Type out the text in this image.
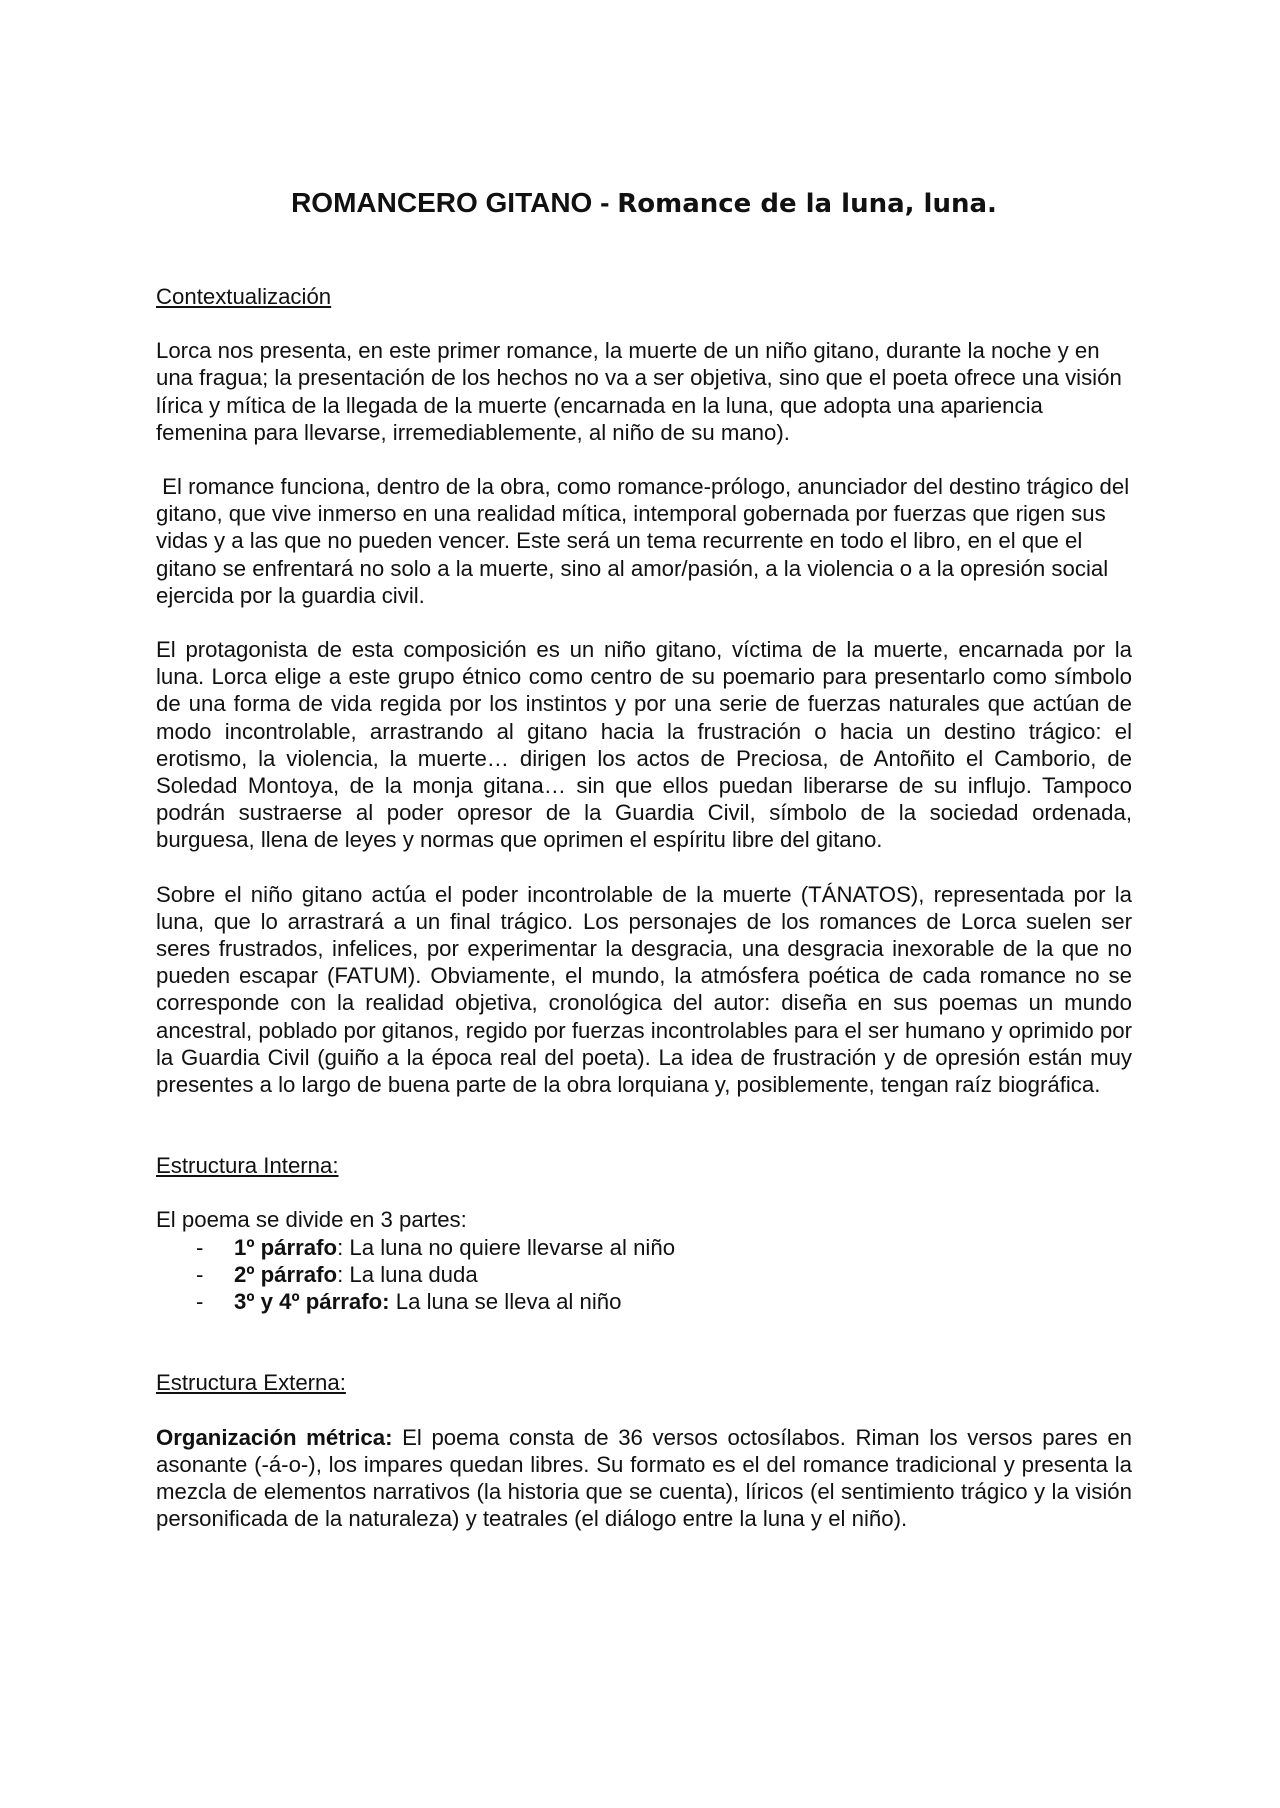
ROMANCERO GITANO - Romance de la luna, luna.

Contextualización

Lorca nos presenta, en este primer romance, la muerte de un niño gitano, durante la noche y en una fragua; la presentación de los hechos no va a ser objetiva, sino que el poeta ofrece una visión lírica y mítica de la llegada de la muerte (encarnada en la luna, que adopta una apariencia femenina para llevarse, irremediablemente, al niño de su mano).

El romance funciona, dentro de la obra, como romance-prólogo, anunciador del destino trágico del gitano, que vive inmerso en una realidad mítica, intemporal gobernada por fuerzas que rigen sus vidas y a las que no pueden vencer. Este será un tema recurrente en todo el libro, en el que el gitano se enfrentará no solo a la muerte, sino al amor/pasión, a la violencia o a la opresión social ejercida por la guardia civil.

El protagonista de esta composición es un niño gitano, víctima de la muerte, encarnada por la luna. Lorca elige a este grupo étnico como centro de su poemario para presentarlo como símbolo de una forma de vida regida por los instintos y por una serie de fuerzas naturales que actúan de modo incontrolable, arrastrando al gitano hacia la frustración o hacia un destino trágico: el erotismo, la violencia, la muerte… dirigen los actos de Preciosa, de Antoñito el Camborio, de Soledad Montoya, de la monja gitana… sin que ellos puedan liberarse de su influjo. Tampoco podrán sustraerse al poder opresor de la Guardia Civil, símbolo de la sociedad ordenada, burguesa, llena de leyes y normas que oprimen el espíritu libre del gitano.

Sobre el niño gitano actúa el poder incontrolable de la muerte (TÁNATOS), representada por la luna, que lo arrastrará a un final trágico. Los personajes de los romances de Lorca suelen ser seres frustrados, infelices, por experimentar la desgracia, una desgracia inexorable de la que no pueden escapar (FATUM). Obviamente, el mundo, la atmósfera poética de cada romance no se corresponde con la realidad objetiva, cronológica del autor: diseña en sus poemas un mundo ancestral, poblado por gitanos, regido por fuerzas incontrolables para el ser humano y oprimido por la Guardia Civil (guiño a la época real del poeta). La idea de frustración y de opresión están muy presentes a lo largo de buena parte de la obra lorquiana y, posiblemente, tengan raíz biográfica.

Estructura Interna:

El poema se divide en 3 partes:

- 1º párrafo: La luna no quiere llevarse al niño
- 2º párrafo: La luna duda
- 3º y 4º párrafo: La luna se lleva al niño

Estructura Externa:

Organización métrica: El poema consta de 36 versos octosílabos. Riman los versos pares en asonante (-á-o-), los impares quedan libres. Su formato es el del romance tradicional y presenta la mezcla de elementos narrativos (la historia que se cuenta), líricos (el sentimiento trágico y la visión personificada de la naturaleza) y teatrales (el diálogo entre la luna y el niño).
